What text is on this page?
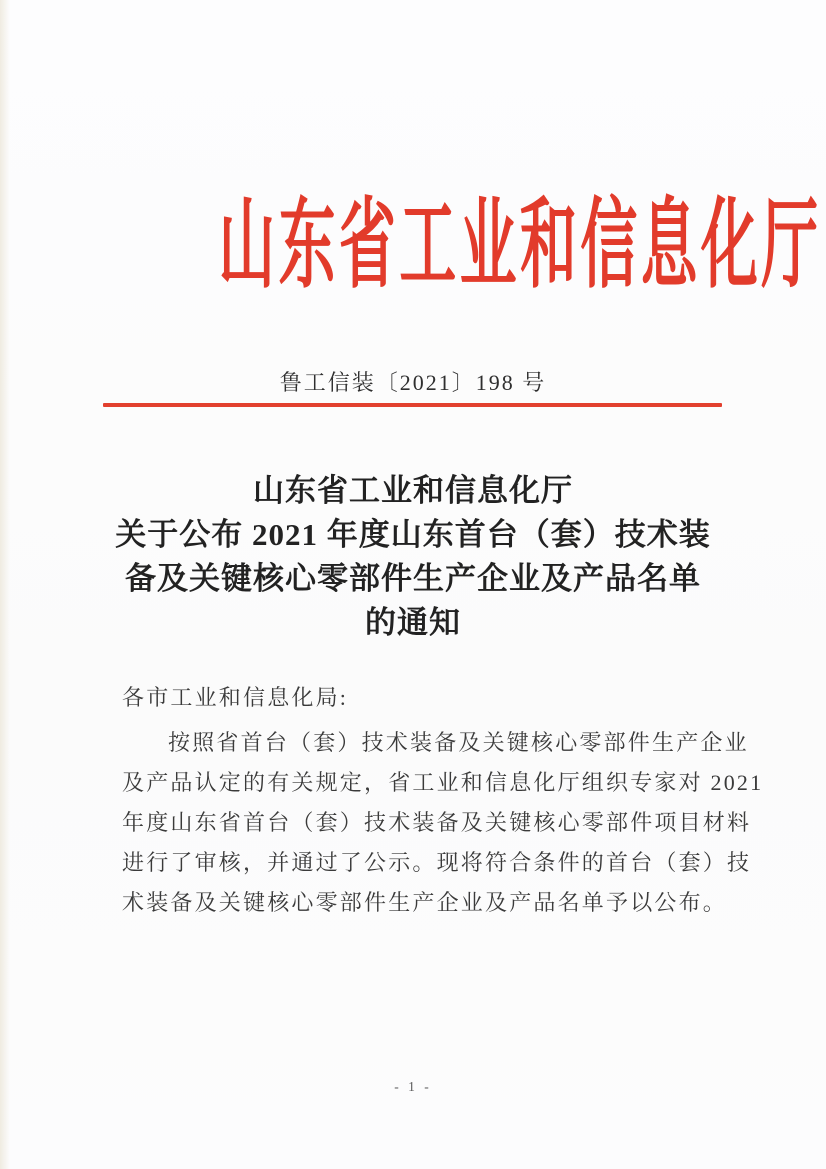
山东省工业和信息化厅
鲁工信装〔2021〕198 号
山东省工业和信息化厅
关于公布 2021 年度山东首台（套）技术装
备及关键核心零部件生产企业及产品名单
的通知
各市工业和信息化局:
按照省首台（套）技术装备及关键核心零部件生产企业
及产品认定的有关规定，省工业和信息化厅组织专家对 2021
年度山东省首台（套）技术装备及关键核心零部件项目材料
进行了审核，并通过了公示。现将符合条件的首台（套）技
术装备及关键核心零部件生产企业及产品名单予以公布。
- 1 -
